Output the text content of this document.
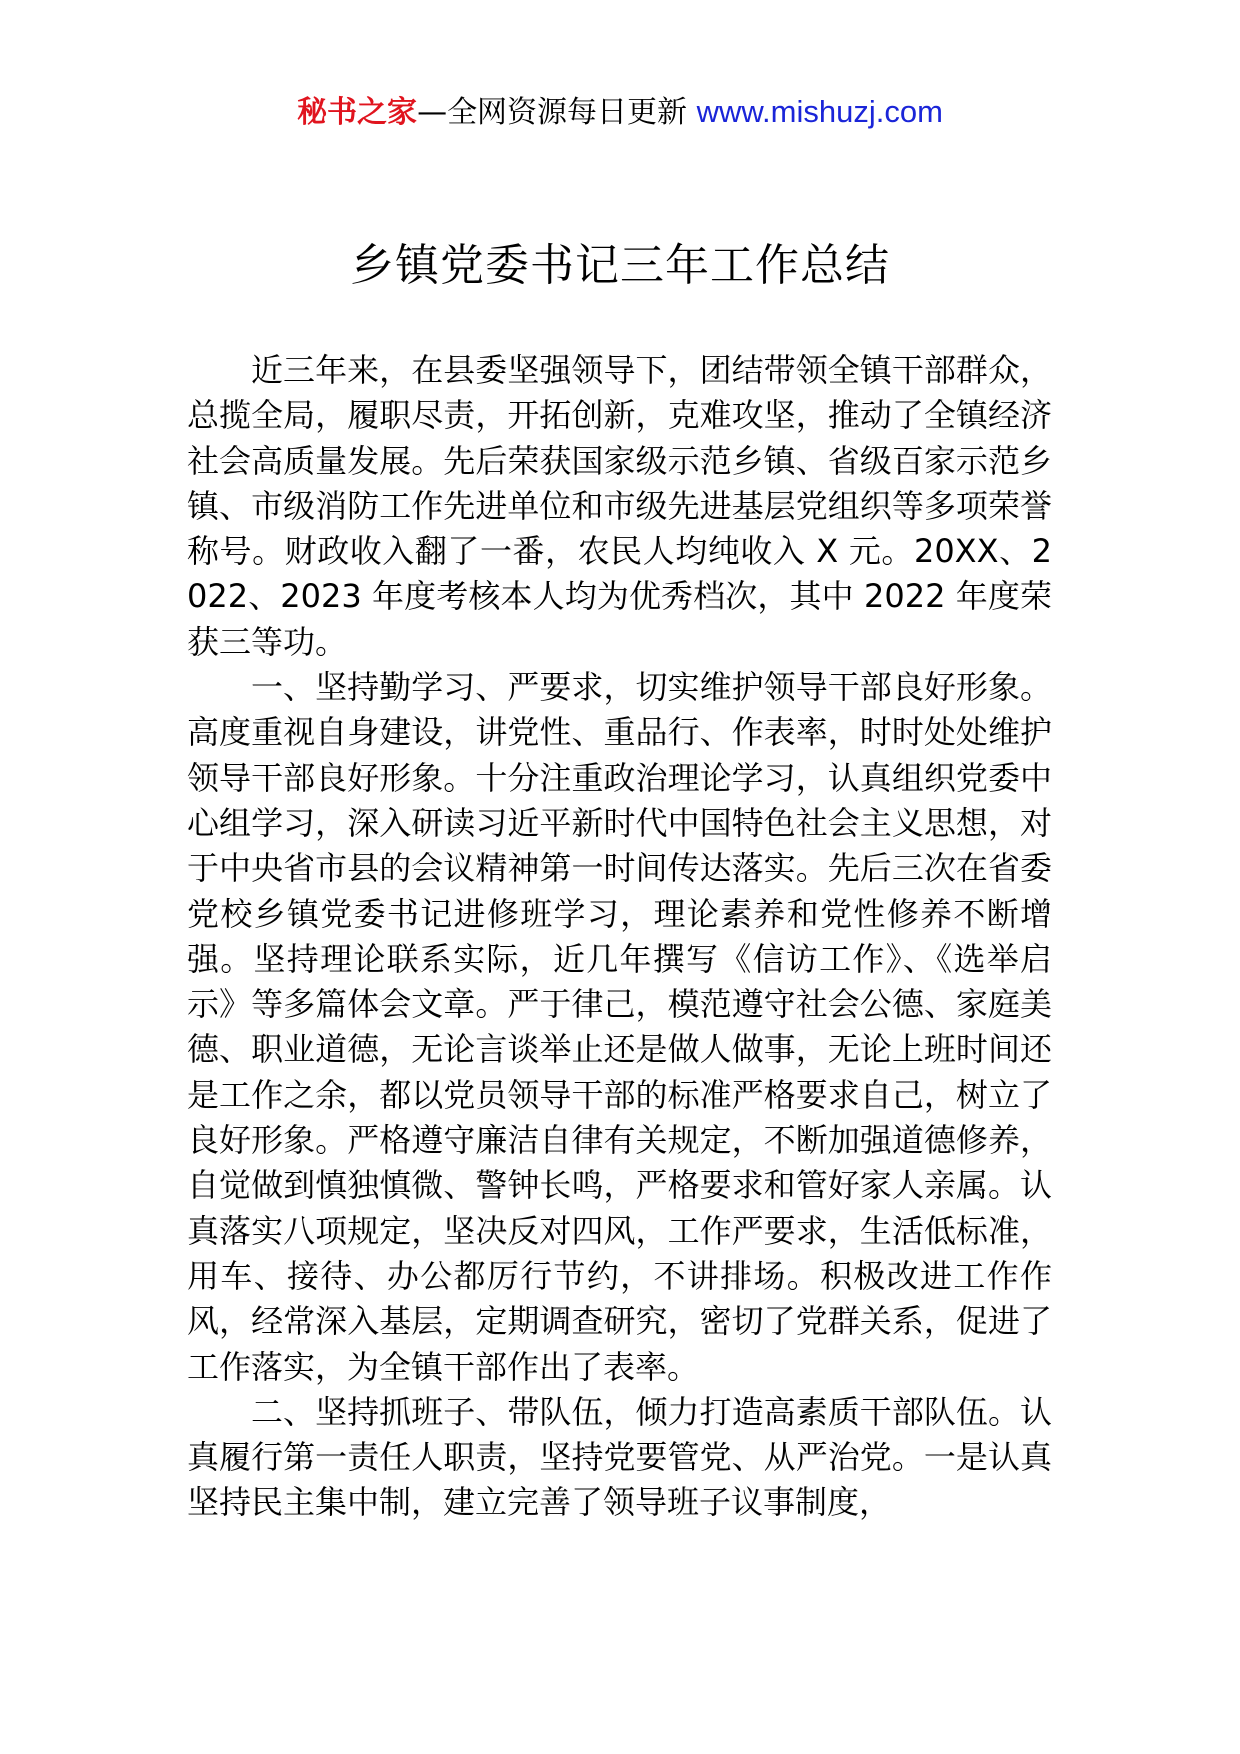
秘书之家—全网资源每日更新 www.mishuzj.com
乡镇党委书记三年工作总结

近三年来，在县委坚强领导下，团结带领全镇干部群众，总揽全局，履职尽责，开拓创新，克难攻坚，推动了全镇经济社会高质量发展。先后荣获国家级示范乡镇、省级百家示范乡镇、市级消防工作先进单位和市级先进基层党组织等多项荣誉称号。财政收入翻了一番，农民人均纯收入 X 元。20XX、2022、2023 年度考核本人均为优秀档次，其中 2022 年度荣获三等功。

一、坚持勤学习、严要求，切实维护领导干部良好形象。高度重视自身建设，讲党性、重品行、作表率，时时处处维护领导干部良好形象。十分注重政治理论学习，认真组织党委中心组学习，深入研读习近平新时代中国特色社会主义思想，对于中央省市县的会议精神第一时间传达落实。先后三次在省委党校乡镇党委书记进修班学习，理论素养和党性修养不断增强。坚持理论联系实际，近几年撰写《信访工作》、《选举启示》等多篇体会文章。严于律己，模范遵守社会公德、家庭美德、职业道德，无论言谈举止还是做人做事，无论上班时间还是工作之余，都以党员领导干部的标准严格要求自己，树立了良好形象。严格遵守廉洁自律有关规定，不断加强道德修养，自觉做到慎独慎微、警钟长鸣，严格要求和管好家人亲属。认真落实八项规定，坚决反对四风，工作严要求，生活低标准，用车、接待、办公都厉行节约，不讲排场。积极改进工作作风，经常深入基层，定期调查研究，密切了党群关系，促进了工作落实，为全镇干部作出了表率。

二、坚持抓班子、带队伍，倾力打造高素质干部队伍。认真履行第一责任人职责，坚持党要管党、从严治党。一是认真坚持民主集中制，建立完善了领导班子议事制度，
